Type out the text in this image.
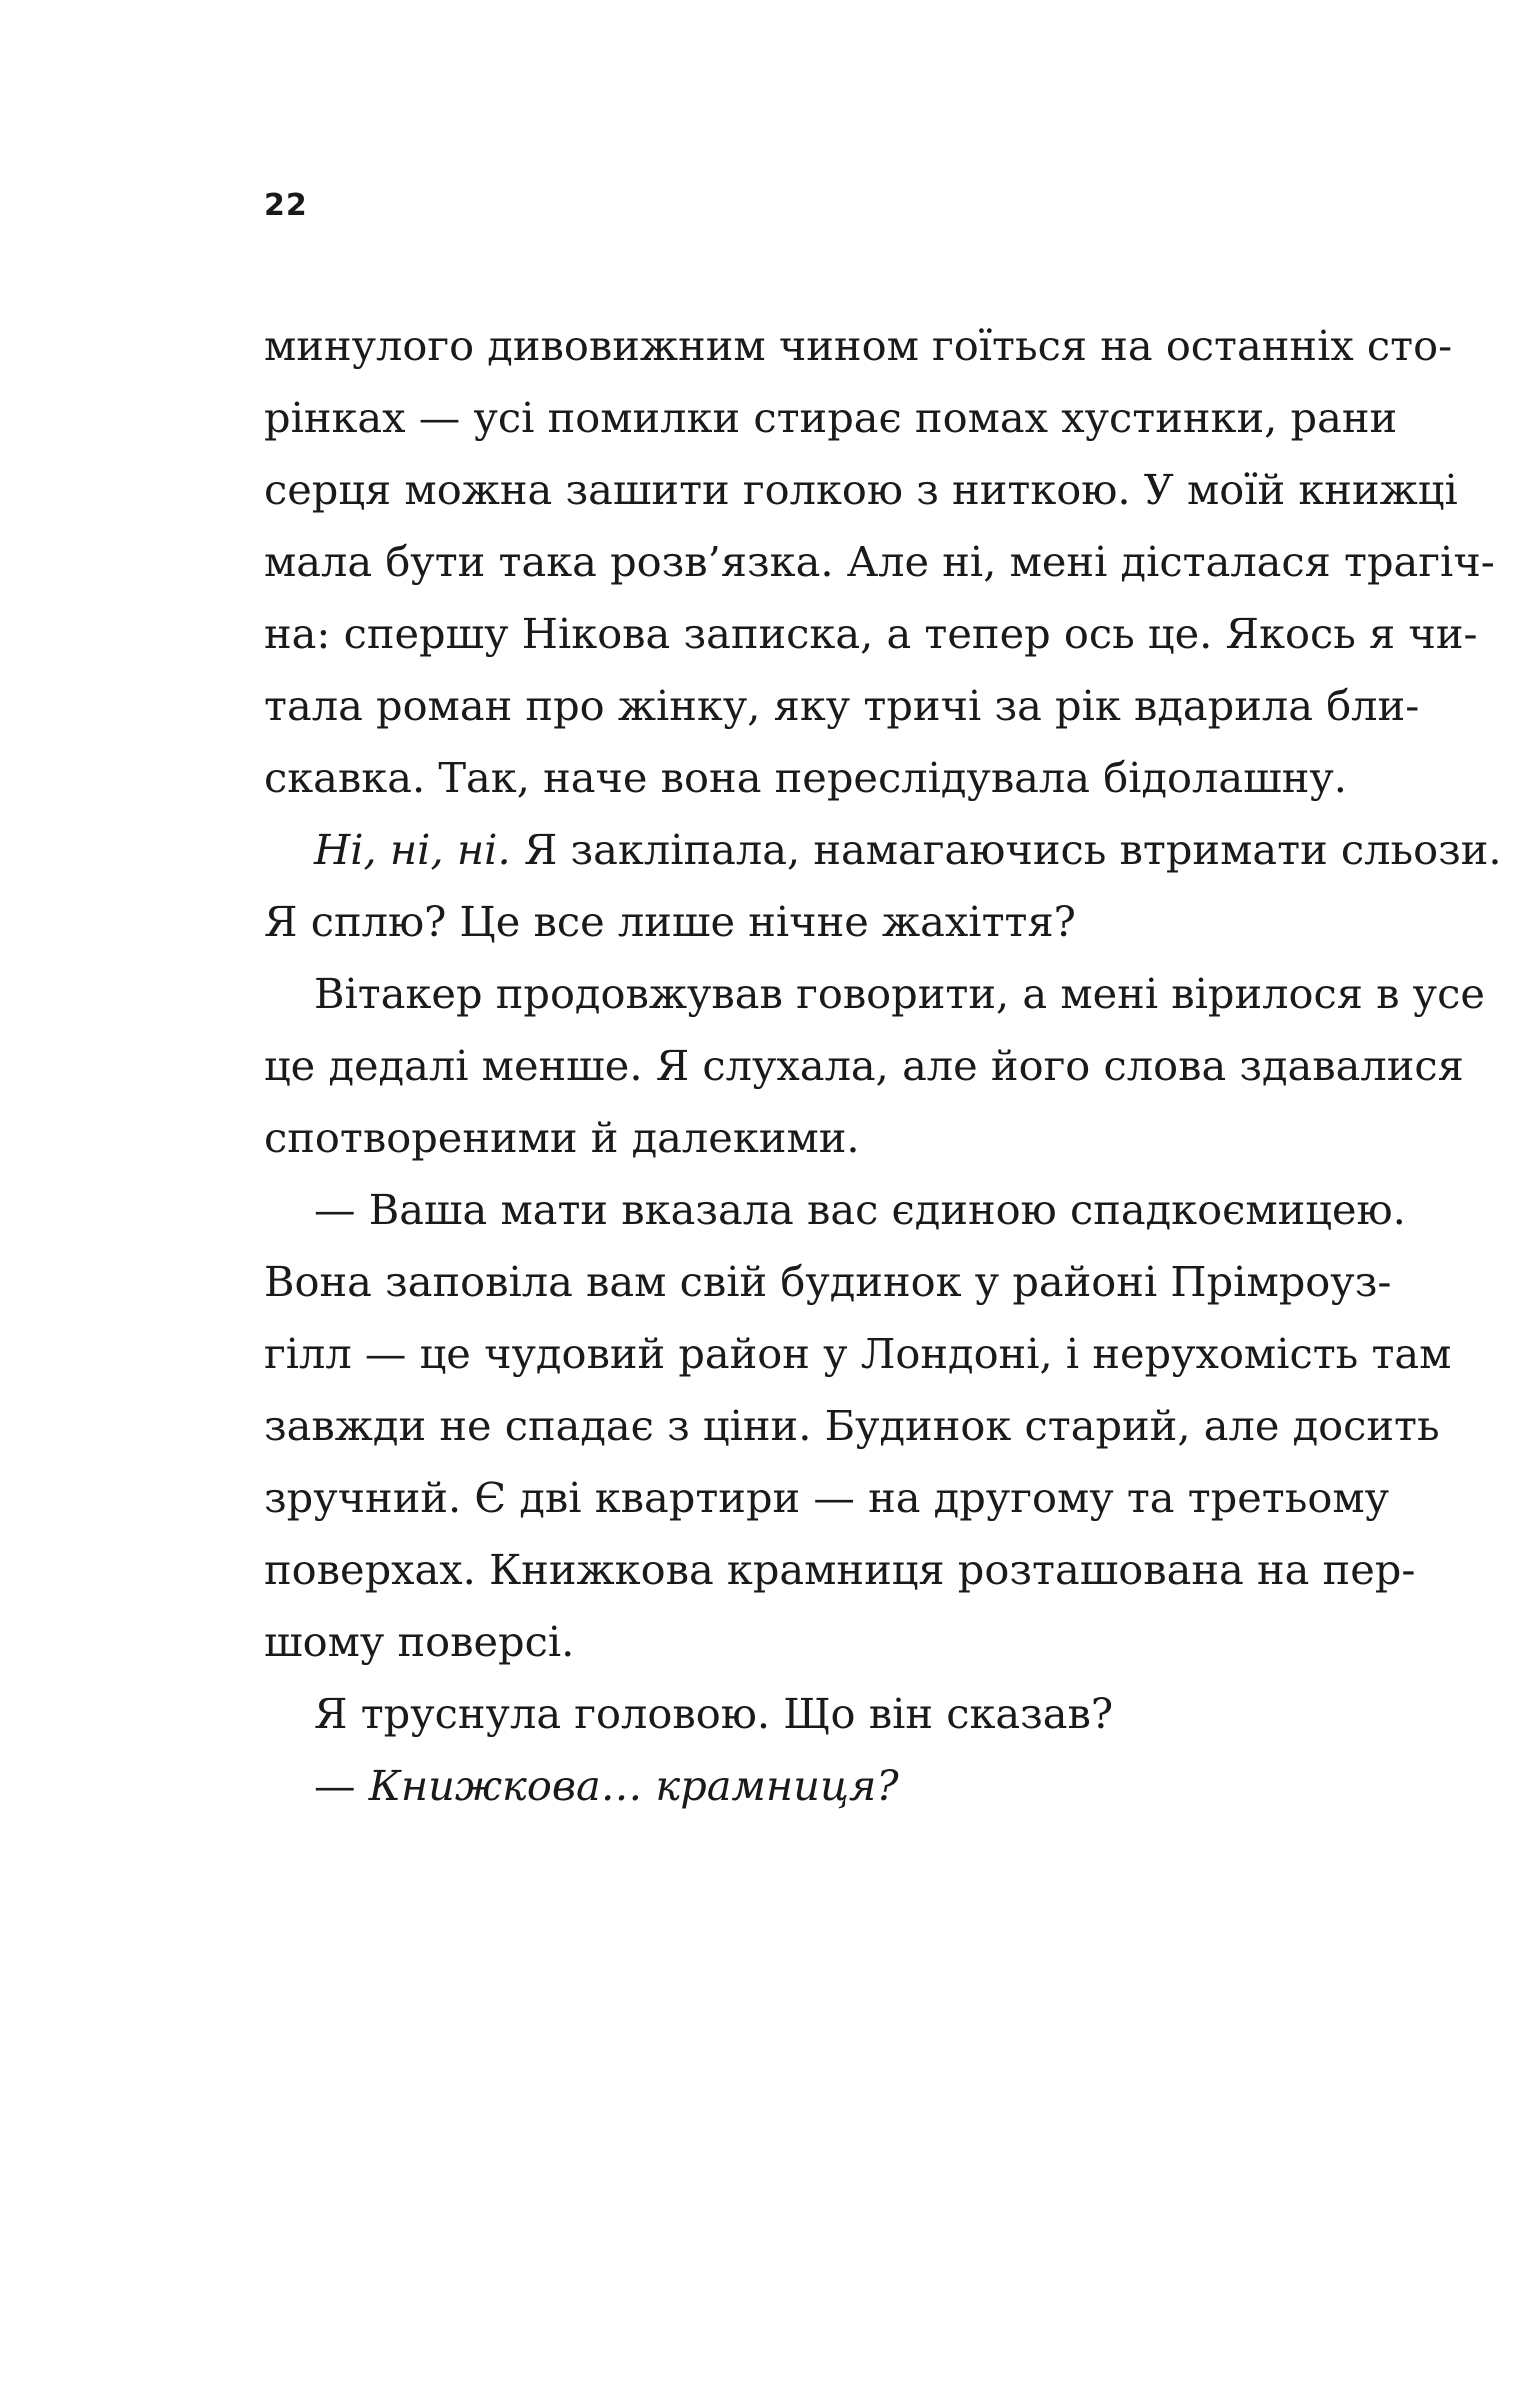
22

минулого дивовижним чином гоїться на останніх сто-
рінках — усі помилки стирає помах хустинки, рани
серця можна зашити голкою з ниткою. У моїй книжці
мала бути така розв’язка. Але ні, мені дісталася трагіч-
на: спершу Нікова записка, а тепер ось це. Якось я чи-
тала роман про жінку, яку тричі за рік вдарила бли-
скавка. Так, наче вона переслідувала бідолашну.

Ні, ні, ні. Я закліпала, намагаючись втримати сльози.
Я сплю? Це все лише нічне жахіття?

Вітакер продовжував говорити, а мені вірилося в усе
це дедалі менше. Я слухала, але його слова здавалися
спотвореними й далекими.

— Ваша мати вказала вас єдиною спадкоємицею.
Вона заповіла вам свій будинок у районі Прімроуз-
гілл — це чудовий район у Лондоні, і нерухомість там
завжди не спадає з ціни. Будинок старий, але досить
зручний. Є дві квартири — на другому та третьому
поверхах. Книжкова крамниця розташована на пер-
шому поверсі.

Я труснула головою. Що він сказав?

— Книжкова… крамниця?
